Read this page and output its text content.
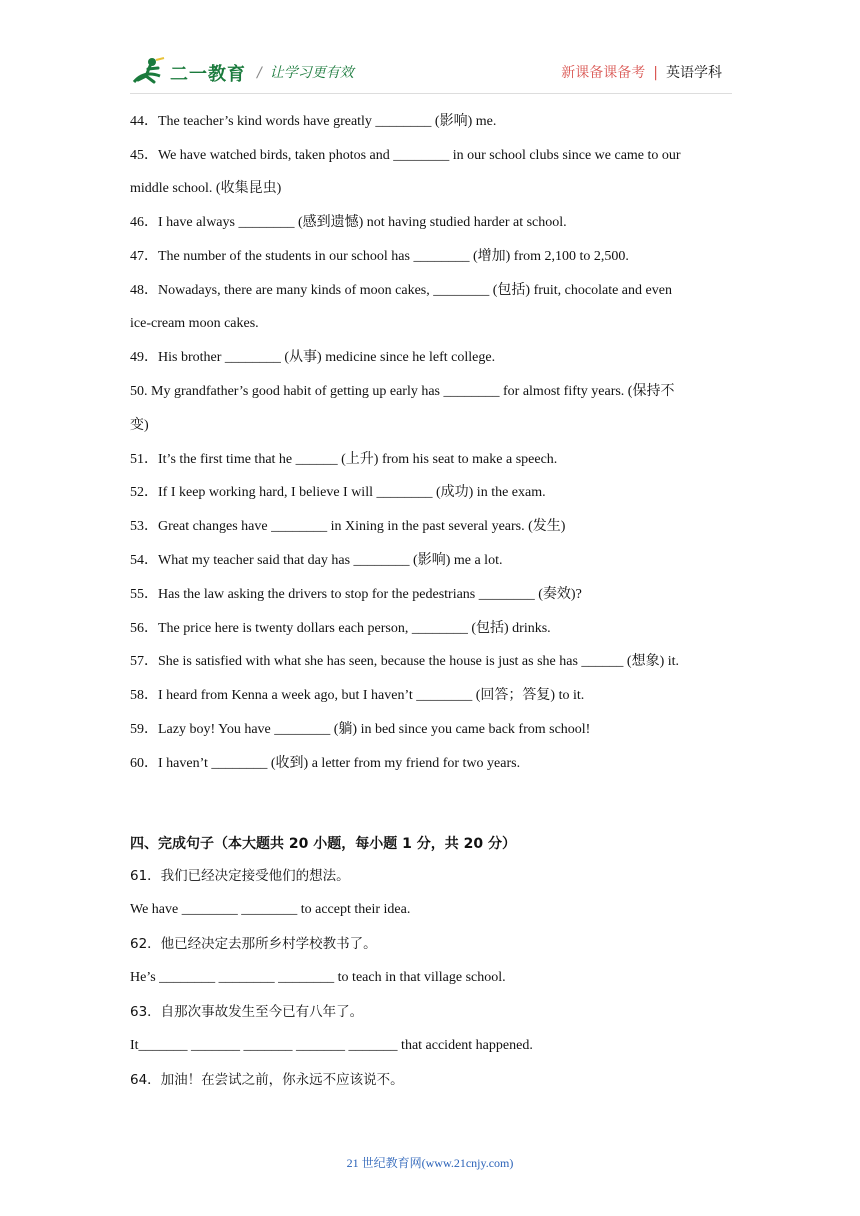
二一教育 / 让学习更有效	新课备课备考 | 英语学科
44．The teacher’s kind words have greatly ________ (影响) me.
45．We have watched birds, taken photos and ________ in our school clubs since we came to our
middle school. (收集昆虫)
46．I have always ________ (感到遗憾) not having studied harder at school.
47．The number of the students in our school has ________ (增加) from 2,100 to 2,500.
48．Nowadays, there are many kinds of moon cakes, ________ (包括) fruit, chocolate and even
ice-cream moon cakes.
49．His brother ________ (从事) medicine since he left college.
50. My grandfather’s good habit of getting up early has ________ for almost fifty years. (保持不
变)
51．It’s the first time that he ______ (上升) from his seat to make a speech.
52．If I keep working hard, I believe I will ________ (成功) in the exam.
53．Great changes have ________ in Xining in the past several years. (发生)
54．What my teacher said that day has ________ (影响) me a lot.
55．Has the law asking the drivers to stop for the pedestrians ________ (奏效)?
56．The price here is twenty dollars each person, ________ (包括) drinks.
57．She is satisfied with what she has seen, because the house is just as she has ______ (想象) it.
58．I heard from Kenna a week ago, but I haven’t ________ (回答；答复) to it.
59．Lazy boy! You have ________ (躺) in bed since you came back from school!
60．I haven’t ________ (收到) a letter from my friend for two years.
四、完成句子（本大题共 20 小题，每小题 1 分，共 20 分）
61．我们已经决定接受他们的想法。
We have ________ ________ to accept their idea.
62．他已经决定去那所乡村学校教书了。
He’s ________ ________ ________ to teach in that village school.
63．自那次事故发生至今已有八年了。
It_______ _______ _______ _______ _______ that accident happened.
64．加油！在尝试之前，你永远不应该说不。
21 世纪教育网(www.21cnjy.com)
